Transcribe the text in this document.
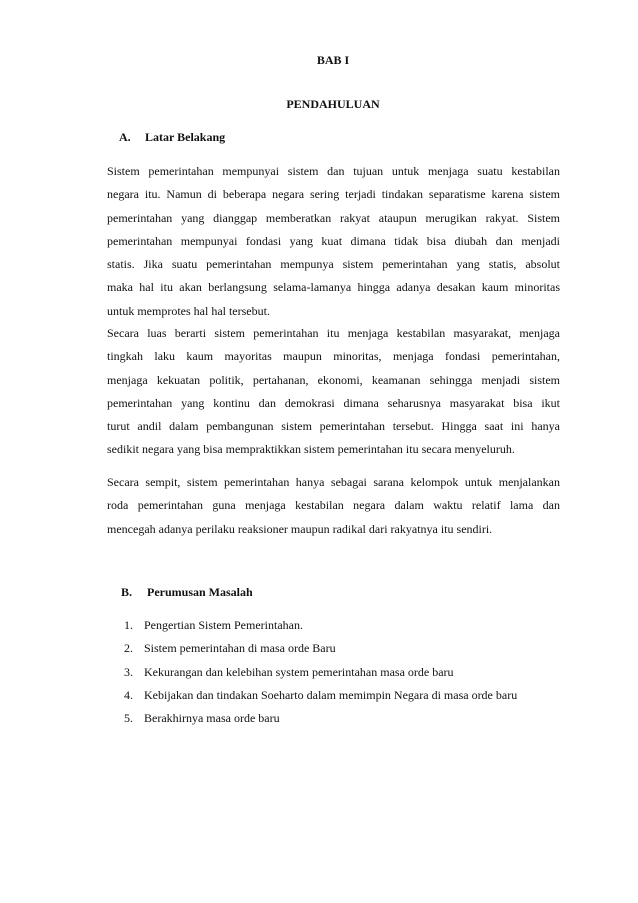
BAB I
PENDAHULUAN
A. Latar Belakang
Sistem pemerintahan mempunyai sistem dan tujuan untuk menjaga suatu kestabilan
negara itu. Namun di beberapa negara sering terjadi tindakan separatisme karena sistem
pemerintahan yang dianggap memberatkan rakyat ataupun merugikan rakyat. Sistem
pemerintahan mempunyai fondasi yang kuat dimana tidak bisa diubah dan menjadi
statis. Jika suatu pemerintahan mempunya sistem pemerintahan yang statis, absolut
maka hal itu akan berlangsung selama-lamanya hingga adanya desakan kaum minoritas
untuk memprotes hal hal tersebut.
Secara luas berarti sistem pemerintahan itu menjaga kestabilan masyarakat, menjaga
tingkah laku kaum mayoritas maupun minoritas, menjaga fondasi pemerintahan,
menjaga kekuatan politik, pertahanan, ekonomi, keamanan sehingga menjadi sistem
pemerintahan yang kontinu dan demokrasi dimana seharusnya masyarakat bisa ikut
turut andil dalam pembangunan sistem pemerintahan tersebut. Hingga saat ini hanya
sedikit negara yang bisa mempraktikkan sistem pemerintahan itu secara menyeluruh.
Secara sempit, sistem pemerintahan hanya sebagai sarana kelompok untuk menjalankan
roda pemerintahan guna menjaga kestabilan negara dalam waktu relatif lama dan
mencegah adanya perilaku reaksioner maupun radikal dari rakyatnya itu sendiri.
B. Perumusan Masalah
1. Pengertian Sistem Pemerintahan.
2. Sistem pemerintahan di masa orde Baru
3. Kekurangan dan kelebihan system pemerintahan masa orde baru
4. Kebijakan dan tindakan Soeharto dalam memimpin Negara di masa orde baru
5. Berakhirnya masa orde baru
